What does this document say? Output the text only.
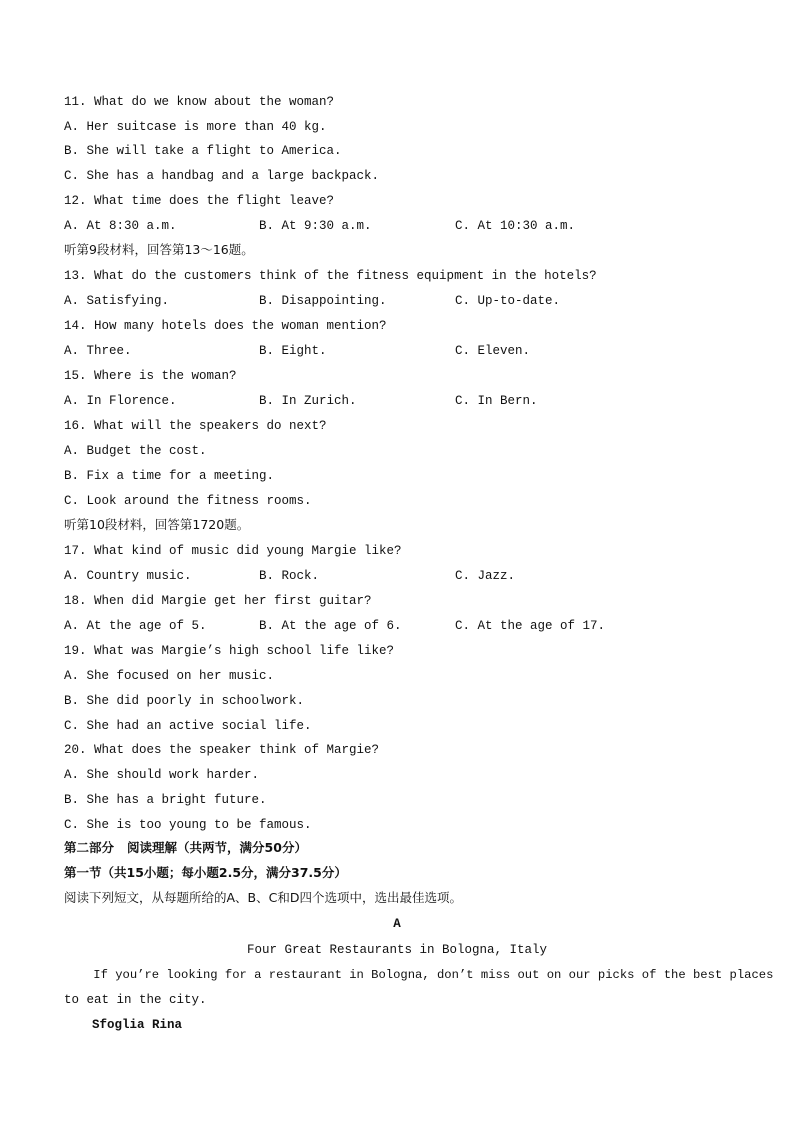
11. What do we know about the woman?
A. Her suitcase is more than 40 kg.
B. She will take a flight to America.
C. She has a handbag and a large backpack.
12. What time does the flight leave?
A. At 8:30 a.m.	B. At 9:30 a.m.	C. At 10:30 a.m.
听第9段材料，回答第13～16题。
13. What do the customers think of the fitness equipment in the hotels?
A. Satisfying.	B. Disappointing.	C. Up-to-date.
14. How many hotels does the woman mention?
A. Three.	B. Eight.	C. Eleven.
15. Where is the woman?
A. In Florence.	B. In Zurich.	C. In Bern.
16. What will the speakers do next?
A. Budget the cost.
B. Fix a time for a meeting.
C. Look around the fitness rooms.
听第10段材料，回答第1720题。
17. What kind of music did young Margie like?
A. Country music.	B. Rock.	C. Jazz.
18. When did Margie get her first guitar?
A. At the age of 5.	B. At the age of 6.	C. At the age of 17.
19. What was Margie’s high school life like?
A. She focused on her music.
B. She did poorly in schoolwork.
C. She had an active social life.
20. What does the speaker think of Margie?
A. She should work harder.
B. She has a bright future.
C. She is too young to be famous.
第二部分   阅读理解（共两节，满分50分）
第一节（共15小题；每小题2.5分，满分37.5分）
阅读下列短文，从每题所给的A、B、C和D四个选项中，选出最佳选项。
A
Four Great Restaurants in Bologna, Italy
If you’re looking for a restaurant in Bologna, don’t miss out on our picks of the best places
to eat in the city.
Sfoglia Rina
